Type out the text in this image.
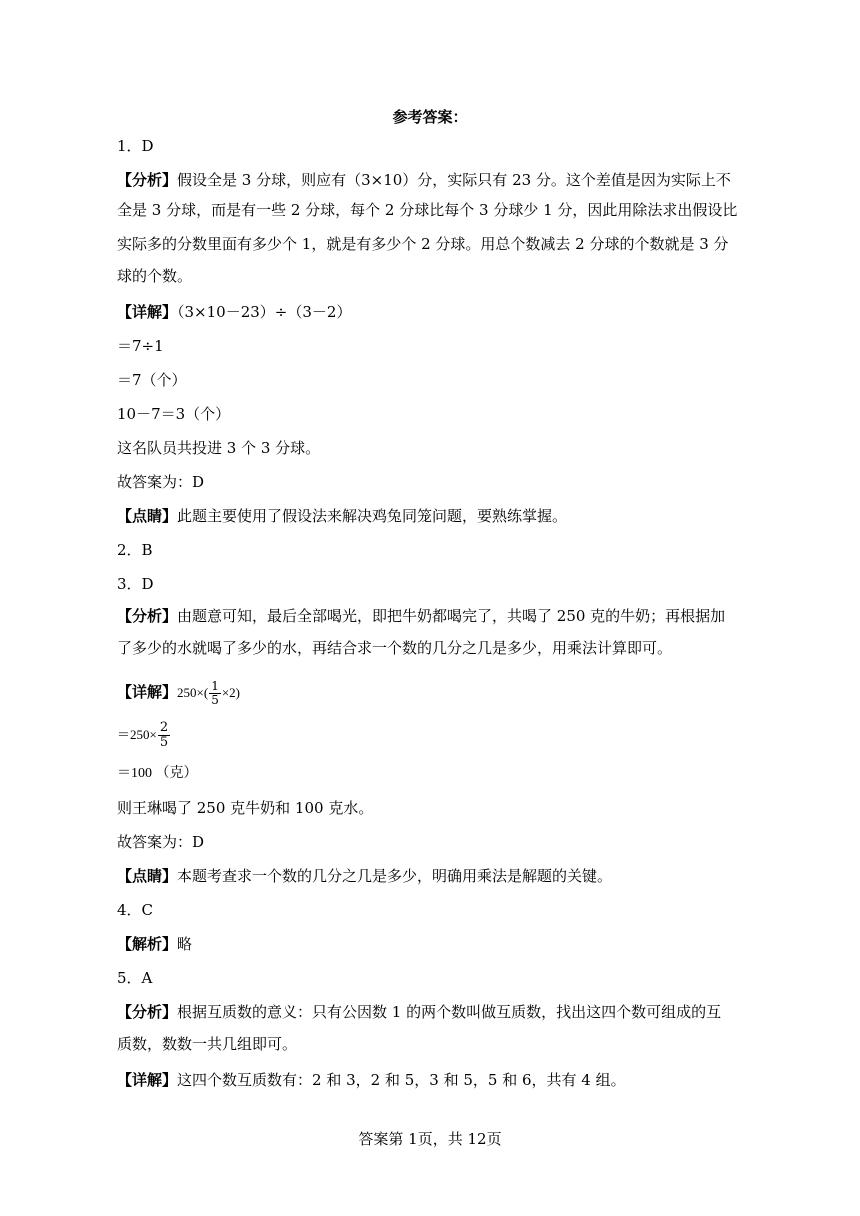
参考答案：
1．D
【分析】假设全是 3 分球，则应有（3×10）分，实际只有 23 分。这个差值是因为实际上不
全是 3 分球，而是有一些 2 分球，每个 2 分球比每个 3 分球少 1 分，因此用除法求出假设比
实际多的分数里面有多少个 1，就是有多少个 2 分球。用总个数减去 2 分球的个数就是 3 分
球的个数。
【详解】（3×10－23）÷（3－2）
＝7÷1
＝7（个）
10－7＝3（个）
这名队员共投进 3 个 3 分球。
故答案为：D
【点睛】此题主要使用了假设法来解决鸡兔同笼问题，要熟练掌握。
2．B
3．D
【分析】由题意可知，最后全部喝光，即把牛奶都喝完了，共喝了 250 克的牛奶；再根据加
了多少的水就喝了多少的水，再结合求一个数的几分之几是多少，用乘法计算即可。
【详解】$250\times( \frac{1}{5} \times 2)$
$=250\times \frac{2}{5}$
＝100 （克）
则王琳喝了 250 克牛奶和 100 克水。
故答案为：D
【点睛】本题考查求一个数的几分之几是多少，明确用乘法是解题的关键。
4．C
【解析】略
5．A
【分析】根据互质数的意义：只有公因数 1 的两个数叫做互质数，找出这四个数可组成的互
质数，数数一共几组即可。
【详解】这四个数互质数有：2 和 3，2 和 5，3 和 5，5 和 6，共有 4 组。
答案第 1页，共 12页
